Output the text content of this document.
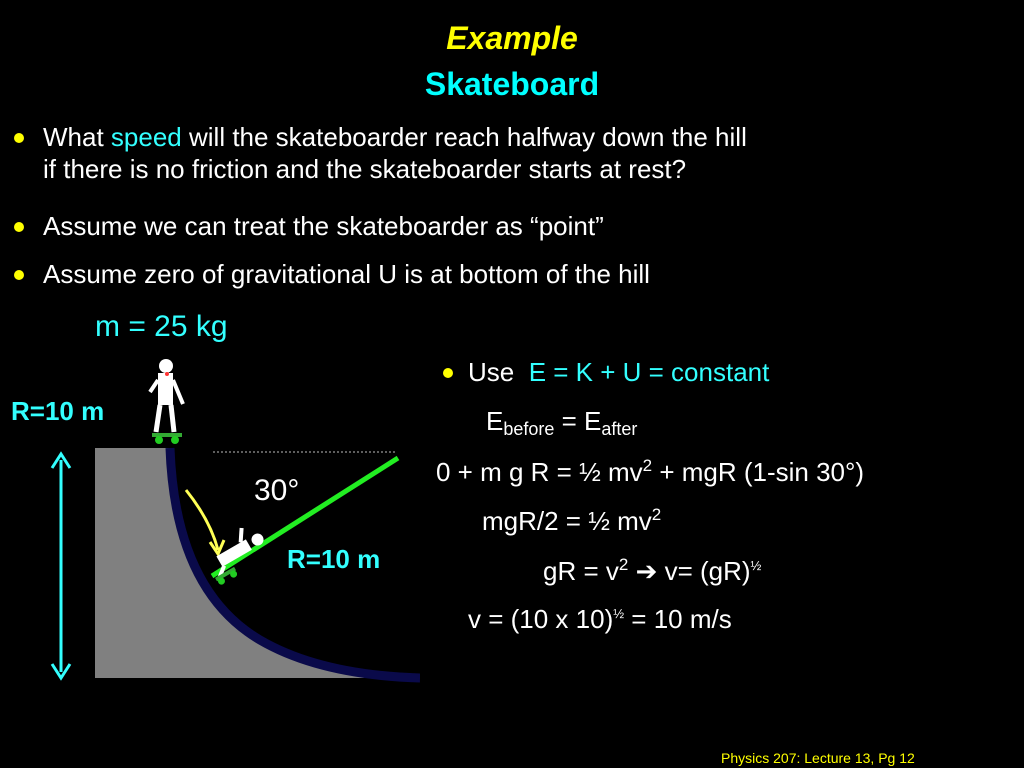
Example
Skateboard
What speed will the skateboarder reach halfway down the hill
if there is no friction and the skateboarder starts at rest?
Assume we can treat the skateboarder as “point”
Assume zero of gravitational U is at bottom of the hill
m = 25 kg
R=10 m
R=10 m
30°
Use E = K + U = constant
$E_{before} = E_{after}$
0 + m g R = ½ $mv^2$ + mgR (1-sin 30°)
mgR/2 = ½ $mv^2$
gR = $v^2$ ➔ v= (gR)$^{\frac{1}{2}}$
v = (10 x 10)$^{\frac{1}{2}}$ = 10 m/s
Physics 207: Lecture 13, Pg 12
